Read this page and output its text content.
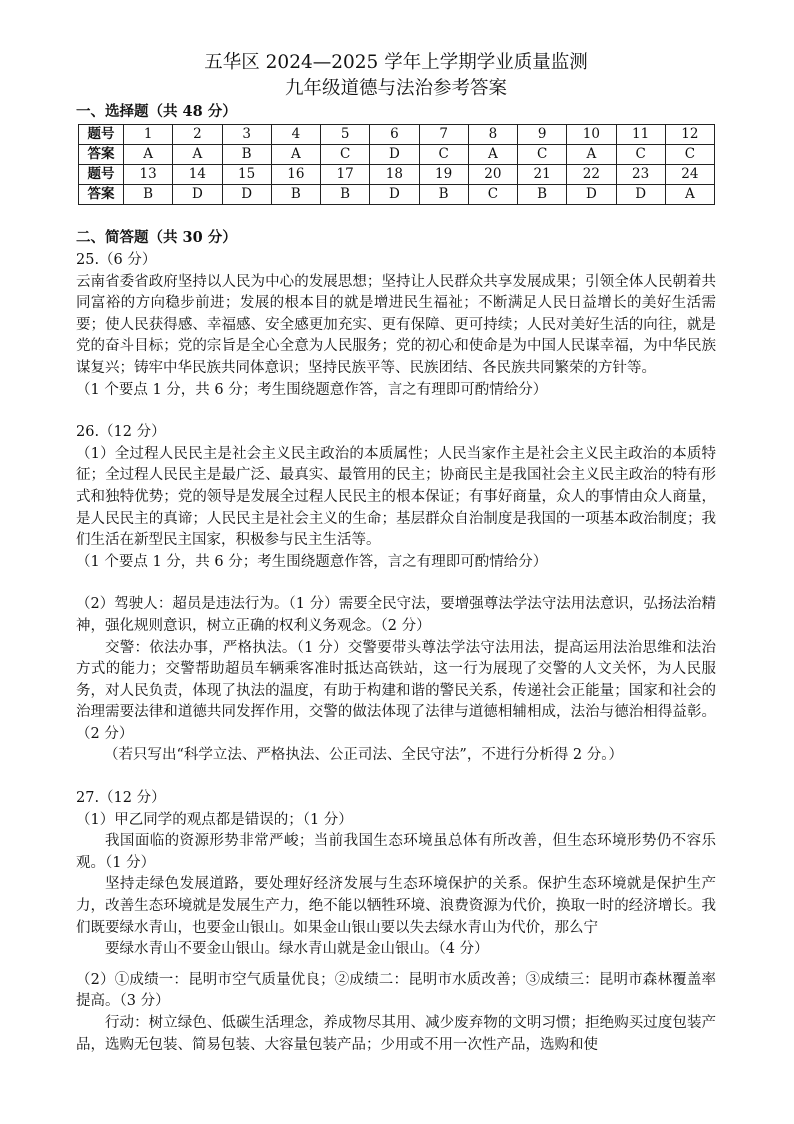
五华区 2024—2025 学年上学期学业质量监测

九年级道德与法治参考答案

一、选择题（共 48 分）

题号	1	2	3	4	5	6	7	8	9	10	11	12
答案	A	A	B	A	C	D	C	A	C	A	C	C
题号	13	14	15	16	17	18	19	20	21	22	23	24
答案	B	D	D	B	B	D	B	C	B	D	D	A

二、简答题（共 30 分）

25.（6 分）

云南省委省政府坚持以人民为中心的发展思想；坚持让人民群众共享发展成果；引领全体人民朝着共同富裕的方向稳步前进；发展的根本目的就是增进民生福祉；不断满足人民日益增长的美好生活需要；使人民获得感、幸福感、安全感更加充实、更有保障、更可持续；人民对美好生活的向往，就是党的奋斗目标；党的宗旨是全心全意为人民服务；党的初心和使命是为中国人民谋幸福，为中华民族谋复兴；铸牢中华民族共同体意识；坚持民族平等、民族团结、各民族共同繁荣的方针等。

（1 个要点 1 分，共 6 分；考生围绕题意作答，言之有理即可酌情给分）

26.（12 分）

（1）全过程人民民主是社会主义民主政治的本质属性；人民当家作主是社会主义民主政治的本质特征；全过程人民民主是最广泛、最真实、最管用的民主；协商民主是我国社会主义民主政治的特有形式和独特优势；党的领导是发展全过程人民民主的根本保证；有事好商量，众人的事情由众人商量，是人民民主的真谛；人民民主是社会主义的生命；基层群众自治制度是我国的一项基本政治制度；我们生活在新型民主国家，积极参与民主生活等。

（1 个要点 1 分，共 6 分；考生围绕题意作答，言之有理即可酌情给分）

（2）驾驶人：超员是违法行为。（1 分）需要全民守法，要增强尊法学法守法用法意识，弘扬法治精神，强化规则意识，树立正确的权利义务观念。（2 分）

交警：依法办事，严格执法。（1 分）交警要带头尊法学法守法用法，提高运用法治思维和法治方式的能力；交警帮助超员车辆乘客准时抵达高铁站，这一行为展现了交警的人文关怀，为人民服务，对人民负责，体现了执法的温度，有助于构建和谐的警民关系，传递社会正能量；国家和社会的治理需要法律和道德共同发挥作用，交警的做法体现了法律与道德相辅相成，法治与德治相得益彰。（2 分）

（若只写出“科学立法、严格执法、公正司法、全民守法”，不进行分析得 2 分。）

27.（12 分）

（1）甲乙同学的观点都是错误的；（1 分）

我国面临的资源形势非常严峻；当前我国生态环境虽总体有所改善，但生态环境形势仍不容乐观。（1 分）

坚持走绿色发展道路，要处理好经济发展与生态环境保护的关系。保护生态环境就是保护生产力，改善生态环境就是发展生产力，绝不能以牺牲环境、浪费资源为代价，换取一时的经济增长。我们既要绿水青山，也要金山银山。如果金山银山要以失去绿水青山为代价，那么宁

要绿水青山不要金山银山。绿水青山就是金山银山。（4 分）

（2）①成绩一：昆明市空气质量优良；②成绩二：昆明市水质改善；③成绩三：昆明市森林覆盖率提高。（3 分）

行动：树立绿色、低碳生活理念，养成物尽其用、减少废弃物的文明习惯；拒绝购买过度包装产品，选购无包装、简易包装、大容量包装产品；少用或不用一次性产品，选购和使
